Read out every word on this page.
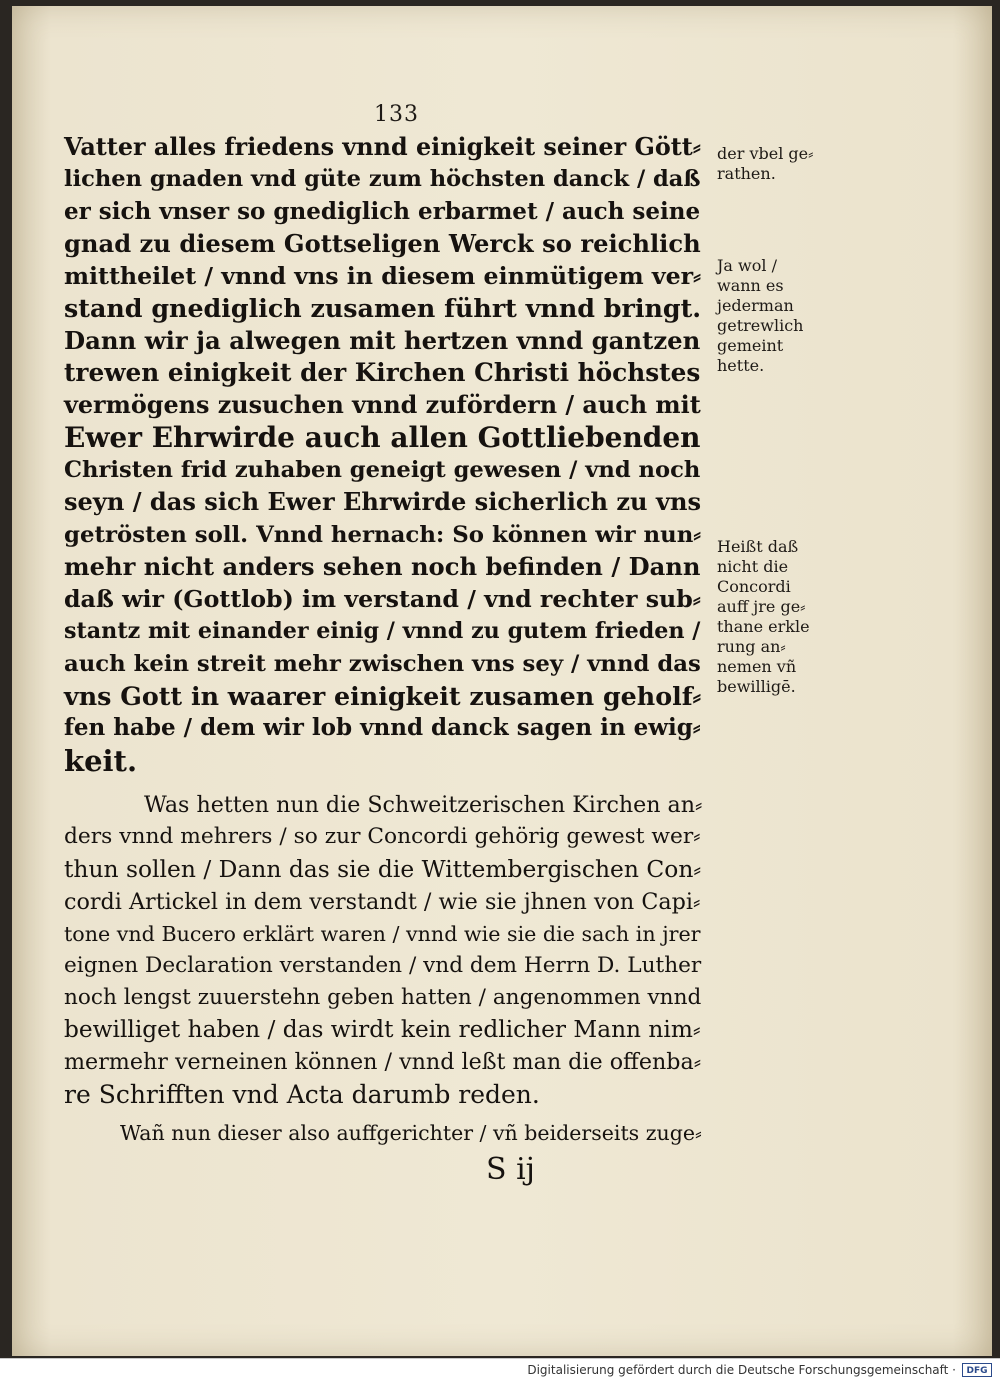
133
Vatter alles friedens vnnd einigkeit seiner Gött⸗
lichen gnaden vnd güte zum höchsten danck / daß
er sich vnser so gnediglich erbarmet / auch seine
gnad zu diesem Gottseligen Werck so reichlich
mittheilet / vnnd vns in diesem einmütigem ver⸗
stand gnediglich zusamen führt vnnd bringt.
Dann wir ja alwegen mit hertzen vnnd gantzen
trewen einigkeit der Kirchen Christi höchstes
vermögens zusuchen vnnd zufördern / auch mit
Ewer Ehrwirde auch allen Gottliebenden
Christen frid zuhaben geneigt gewesen / vnd noch
seyn / das sich Ewer Ehrwirde sicherlich zu vns
getrösten soll. Vnnd hernach: So können wir nun⸗
mehr nicht anders sehen noch befinden / Dann
daß wir (Gottlob) im verstand / vnd rechter sub⸗
stantz mit einander einig / vnnd zu gutem frieden /
auch kein streit mehr zwischen vns sey / vnnd das
vns Gott in waarer einigkeit zusamen geholf⸗
fen habe / dem wir lob vnnd danck sagen in ewig⸗
keit.
Was hetten nun die Schweitzerischen Kirchen an⸗
ders vnnd mehrers / so zur Concordi gehörig gewest wer⸗
thun sollen / Dann das sie die Wittembergischen Con⸗
cordi Artickel in dem verstandt / wie sie jhnen von Capi⸗
tone vnd Bucero erklärt waren / vnnd wie sie die sach in jrer
eignen Declaration verstanden / vnd dem Herrn D. Luther
noch lengst zuuerstehn geben hatten / angenommen vnnd
bewilliget haben / das wirdt kein redlicher Mann nim⸗
mermehr verneinen können / vnnd leßt man die offenba⸗
re Schrifften vnd Acta darumb reden.
Wañ nun dieser also auffgerichter / vñ beiderseits zuge⸗
S ij
der vbel ge⸗
rathen.
Ja wol /
wann es
jederman
getrewlich
gemeint
hette.
Heißt daß
nicht die
Concordi
auff jre ge⸗
thane erkle
rung an⸗
nemen vñ
bewilligē.
Digitalisierung gefördert durch die Deutsche Forschungsgemeinschaft ·	DFG
